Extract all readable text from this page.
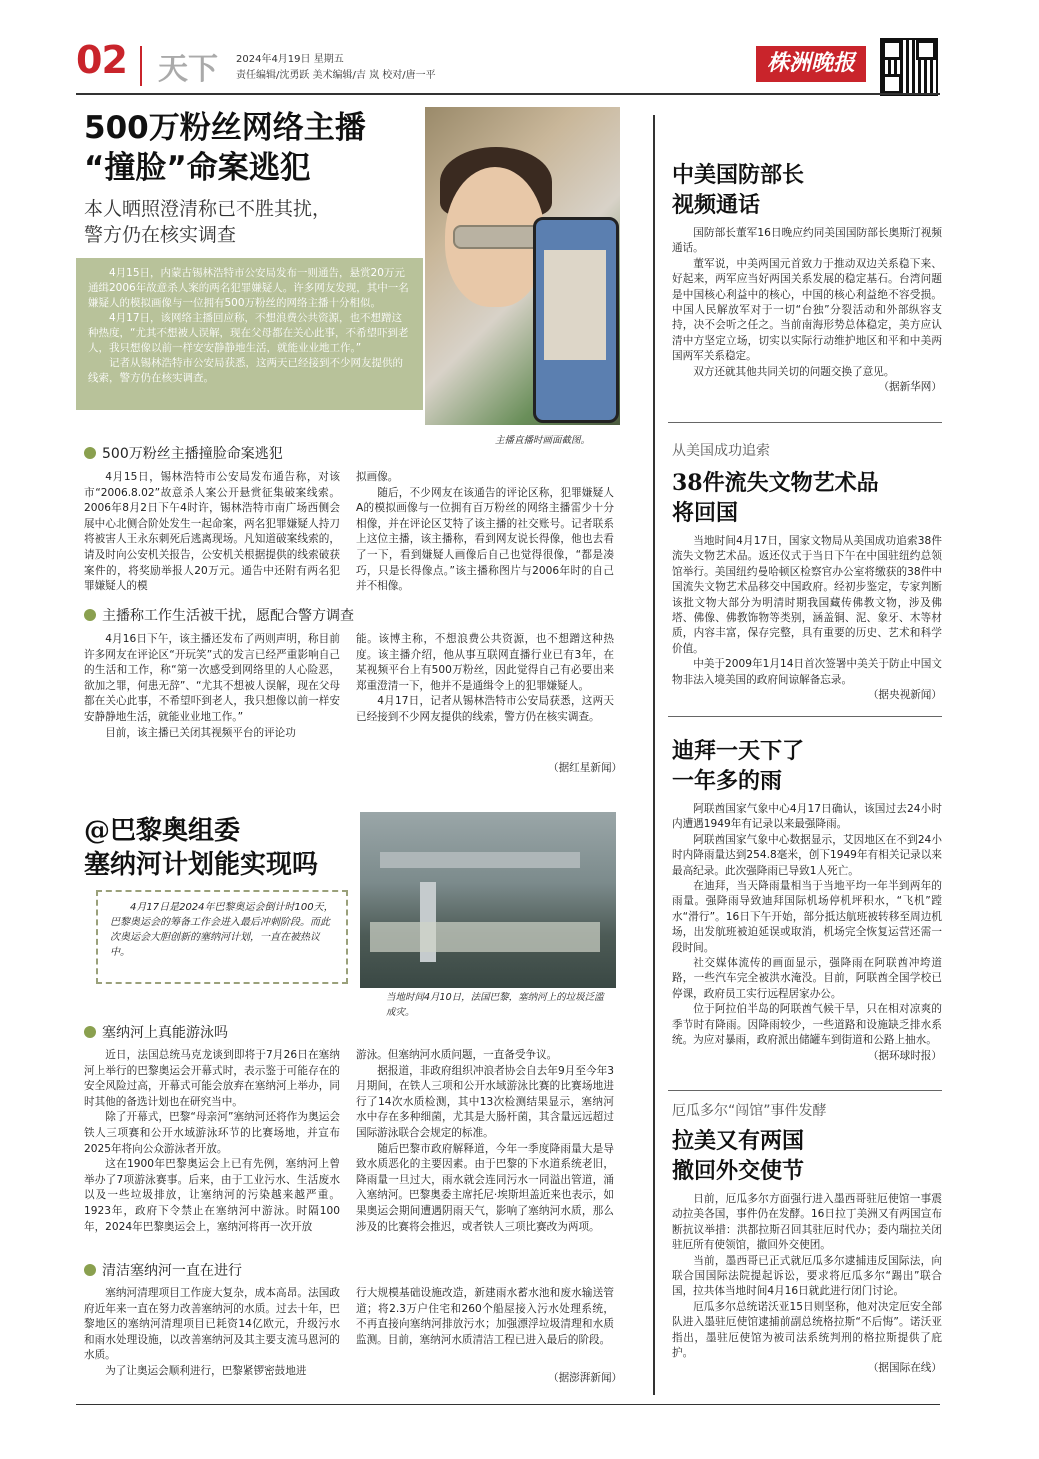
02 天下 2024年4月19日 星期五
责任编辑/沈勇跃 美术编辑/吉 岚 校对/唐一平	株洲晚报
500万粉丝网络主播
“撞脸”命案逃犯
本人晒照澄清称已不胜其扰，
警方仍在核实调查

4月15日，内蒙古锡林浩特市公安局发布一则通告，悬赏20万元通缉2006年故意杀人案的两名犯罪嫌疑人。许多网友发现，其中一名嫌疑人的模拟画像与一位拥有500万粉丝的网络主播十分相似。

4月17日，该网络主播回应称，不想浪费公共资源，也不想蹭这种热度，“尤其不想被人误解，现在父母都在关心此事，不希望吓到老人，我只想像以前一样安安静静地生活，就能业业地工作。”

记者从锡林浩特市公安局获悉，这两天已经接到不少网友提供的线索，警方仍在核实调查。

主播直播时画面截图。
500万粉丝主播撞脸命案逃犯

4月15日，锡林浩特市公安局发布通告称，对该市“2006.8.02”故意杀人案公开悬赏征集破案线索。2006年8月2日下午4时许，锡林浩特市南广场西侧会展中心北侧合阶处发生一起命案，两名犯罪嫌疑人持刀将被害人王永东刺死后逃离现场。凡知道破案线索的，请及时向公安机关报告，公安机关根据提供的线索破获案件的，将奖励举报人20万元。通告中还附有两名犯罪嫌疑人的模

拟画像。

随后，不少网友在该通告的评论区称，犯罪嫌疑人A的模拟画像与一位拥有百万粉丝的网络主播雷少十分相像，并在评论区艾特了该主播的社交账号。记者联系上这位主播，该主播称，看到网友说长得像，他也去看了一下，看到嫌疑人画像后自己也觉得很像，“都是凑巧，只是长得像点。”该主播称图片与2006年时的自己并不相像。

主播称工作生活被干扰，愿配合警方调查

4月16日下午，该主播还发布了两则声明，称目前许多网友在评论区“开玩笑”式的发言已经严重影响自己的生活和工作，称“第一次感受到网络里的人心险恶，欲加之罪，何患无辞”、“尤其不想被人误解，现在父母都在关心此事，不希望吓到老人，我只想像以前一样安安静静地生活，就能业业地工作。”

目前，该主播已关闭其视频平台的评论功

能。该博主称，不想浪费公共资源，也不想蹭这种热度。该主播介绍，他从事互联网直播行业已有3年，在某视频平台上有500万粉丝，因此觉得自己有必要出来郑重澄清一下，他并不是通缉令上的犯罪嫌疑人。

4月17日，记者从锡林浩特市公安局获悉，这两天已经接到不少网友提供的线索，警方仍在核实调查。

（据红星新闻）
@巴黎奥组委
塞纳河计划能实现吗

4月17日是2024年巴黎奥运会倒计时100天，巴黎奥运会的筹备工作会进入最后冲刺阶段。而此次奥运会大胆创新的塞纳河计划，一直在被热议中。

当地时间4月10日，法国巴黎，塞纳河上的垃圾泛滥成灾。
塞纳河上真能游泳吗

近日，法国总统马克龙谈到即将于7月26日在塞纳河上举行的巴黎奥运会开幕式时，表示鉴于可能存在的安全风险过高，开幕式可能会放弃在塞纳河上举办，同时其他的备选计划也在研究当中。

除了开幕式，巴黎“母亲河”塞纳河还将作为奥运会铁人三项赛和公开水域游泳环节的比赛场地，并宣布2025年将向公众游泳者开放。

这在1900年巴黎奥运会上已有先例，塞纳河上曾举办了7项游泳赛事。后来，由于工业污水、生活废水以及一些垃圾排放，让塞纳河的污染越来越严重。1923年，政府下令禁止在塞纳河中游泳。时隔100年，2024年巴黎奥运会上，塞纳河将再一次开放

游泳。但塞纳河水质问题，一直备受争议。

据报道，非政府组织冲浪者协会自去年9月至今年3月期间，在铁人三项和公开水域游泳比赛的比赛场地进行了14次水质检测，其中13次检测结果显示，塞纳河水中存在多种细菌，尤其是大肠杆菌，其含量远远超过国际游泳联合会规定的标准。

随后巴黎市政府解释道，今年一季度降雨量大是导致水质恶化的主要因素。由于巴黎的下水道系统老旧，降雨量一旦过大，雨水就会连同污水一同溢出管道，涌入塞纳河。巴黎奥委主席托尼·埃斯坦盖近来也表示，如果奥运会期间遭遇阴雨天气，影响了塞纳河水质，那么涉及的比赛将会推迟，或者铁人三项比赛改为两项。

清洁塞纳河一直在进行

塞纳河清理项目工作庞大复杂，成本高昂。法国政府近年来一直在努力改善塞纳河的水质。过去十年，巴黎地区的塞纳河清理项目已耗资14亿欧元，升级污水和雨水处理设施，以改善塞纳河及其主要支流马恩河的水质。

为了让奥运会顺利进行，巴黎紧锣密鼓地进

行大规模基础设施改造，新建雨水蓄水池和废水输送管道；将2.3万户住宅和260个船屋接入污水处理系统，不再直接向塞纳河排放污水；加强漂浮垃圾清理和水质监测。目前，塞纳河水质清洁工程已进入最后的阶段。

（据澎湃新闻）
中美国防部长
视频通话

国防部长董军16日晚应约同美国国防部长奥斯汀视频通话。

董军说，中美两国元首致力于推动双边关系稳下来、好起来，两军应当好两国关系发展的稳定基石。台湾问题是中国核心利益中的核心，中国的核心利益绝不容受损。中国人民解放军对于一切“台独”分裂活动和外部纵容支持，决不会听之任之。当前南海形势总体稳定，美方应认清中方坚定立场，切实以实际行动维护地区和平和中美两国两军关系稳定。

双方还就其他共同关切的问题交换了意见。

（据新华网）
从美国成功追索
38件流失文物艺术品
将回国

当地时间4月17日，国家文物局从美国成功追索38件流失文物艺术品。返还仪式于当日下午在中国驻纽约总领馆举行。美国纽约曼哈顿区检察官办公室将缴获的38件中国流失文物艺术品移交中国政府。经初步鉴定，专家判断该批文物大部分为明清时期我国藏传佛教文物，涉及佛塔、佛像、佛教饰物等类别，涵盖铜、泥、象牙、木等材质，内容丰富，保存完整，具有重要的历史、艺术和科学价值。

中美于2009年1月14日首次签署中美关于防止中国文物非法入境美国的政府间谅解备忘录。

（据央视新闻）
迪拜一天下了
一年多的雨

阿联酋国家气象中心4月17日确认，该国过去24小时内遭遇1949年有记录以来最强降雨。

阿联酋国家气象中心数据显示，艾因地区在不到24小时内降雨量达到254.8毫米，创下1949年有相关记录以来最高纪录。此次强降雨已导致1人死亡。

在迪拜，当天降雨量相当于当地平均一年半到两年的雨量。强降雨导致迪拜国际机场停机坪积水，“飞机”蹚水“滑行”。16日下午开始，部分抵达航班被转移至周边机场，出发航班被迫延误或取消，机场完全恢复运营还需一段时间。

社交媒体流传的画面显示，强降雨在阿联酋冲垮道路，一些汽车完全被洪水淹没。目前，阿联酋全国学校已停课，政府员工实行远程居家办公。

位于阿拉伯半岛的阿联酋气候干旱，只在相对凉爽的季节时有降雨。因降雨较少，一些道路和设施缺乏排水系统。为应对暴雨，政府派出储罐车到街道和公路上抽水。

（据环球时报）
厄瓜多尔“闯馆”事件发酵
拉美又有两国
撤回外交使节

日前，厄瓜多尔方面强行进入墨西哥驻厄使馆一事震动拉美各国，事件仍在发酵。16日拉丁美洲又有两国宣布断抗议举措：洪都拉斯召回其驻厄时代办；委内瑞拉关闭驻厄所有使领馆，撤回外交使团。

当前，墨西哥已正式就厄瓜多尔逮捕违反国际法，向联合国国际法院提起诉讼，要求将厄瓜多尔“踢出”联合国，拉共体当地时间4月16日就此进行闭门讨论。

厄瓜多尔总统诺沃亚15日则坚称，他对决定厄安全部队进入墨驻厄使馆逮捕前副总统格拉斯“不后悔”。诺沃亚指出，墨驻厄使馆为被司法系统判刑的格拉斯提供了庇护。

（据国际在线）
